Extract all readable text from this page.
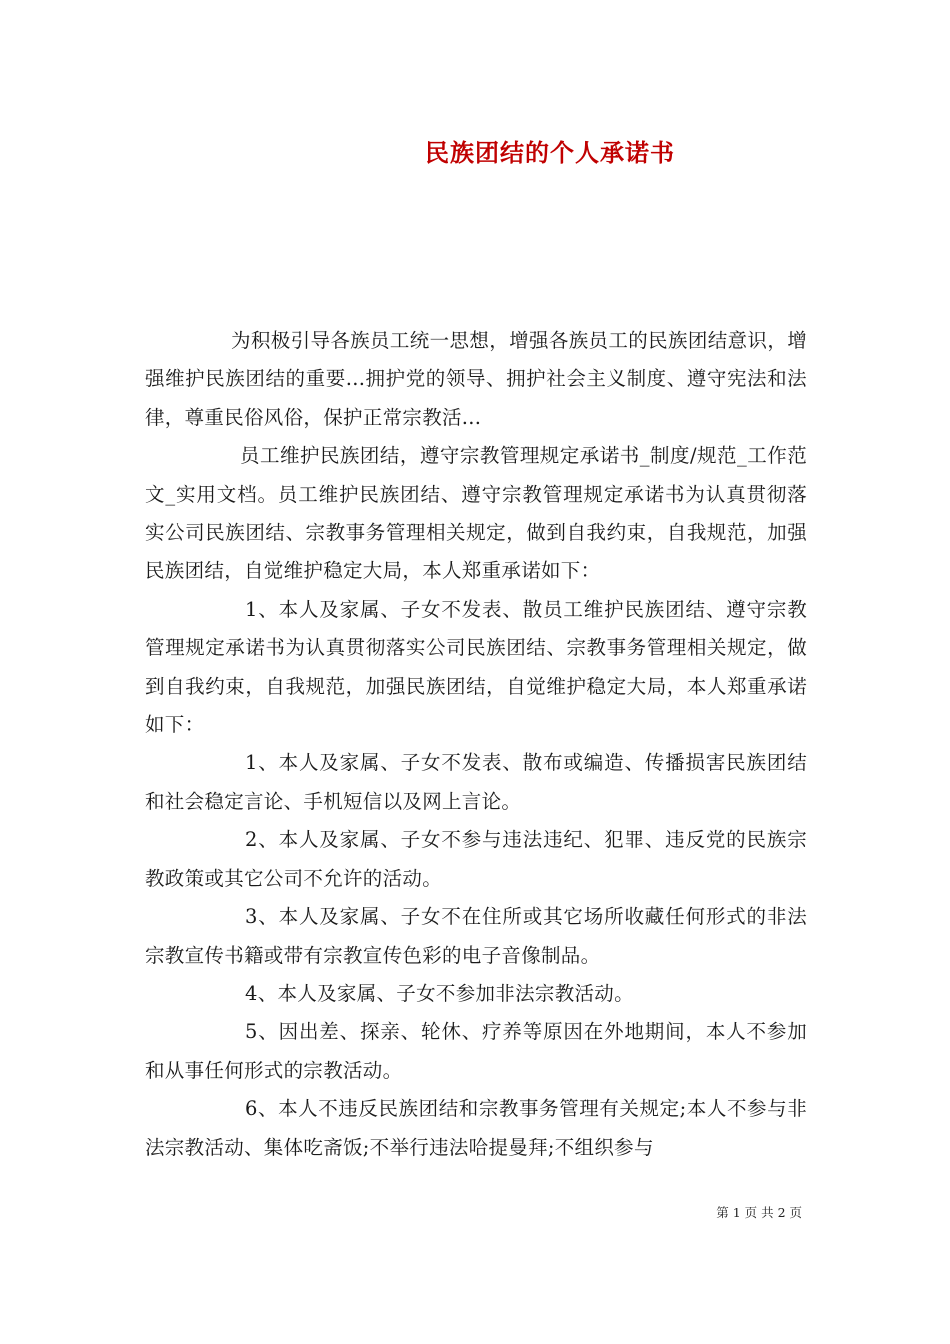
民族团结的个人承诺书

为积极引导各族员工统一思想，增强各族员工的民族团结意识，增强维护民族团结的重要...拥护党的领导、拥护社会主义制度、遵守宪法和法律，尊重民俗风俗，保护正常宗教活...

员工维护民族团结，遵守宗教管理规定承诺书_制度/规范_工作范文_实用文档。员工维护民族团结、遵守宗教管理规定承诺书为认真贯彻落实公司民族团结、宗教事务管理相关规定，做到自我约束，自我规范，加强民族团结，自觉维护稳定大局，本人郑重承诺如下：

1、本人及家属、子女不发表、散员工维护民族团结、遵守宗教管理规定承诺书为认真贯彻落实公司民族团结、宗教事务管理相关规定，做到自我约束，自我规范，加强民族团结，自觉维护稳定大局，本人郑重承诺如下：

1、本人及家属、子女不发表、散布或编造、传播损害民族团结和社会稳定言论、手机短信以及网上言论。

2、本人及家属、子女不参与违法违纪、犯罪、违反党的民族宗教政策或其它公司不允许的活动。

3、本人及家属、子女不在住所或其它场所收藏任何形式的非法宗教宣传书籍或带有宗教宣传色彩的电子音像制品。

4、本人及家属、子女不参加非法宗教活动。

5、因出差、探亲、轮休、疗养等原因在外地期间，本人不参加和从事任何形式的宗教活动。

6、本人不违反民族团结和宗教事务管理有关规定;本人不参与非法宗教活动、集体吃斋饭;不举行违法哈提曼拜;不组织参与

第 1 页 共 2 页
